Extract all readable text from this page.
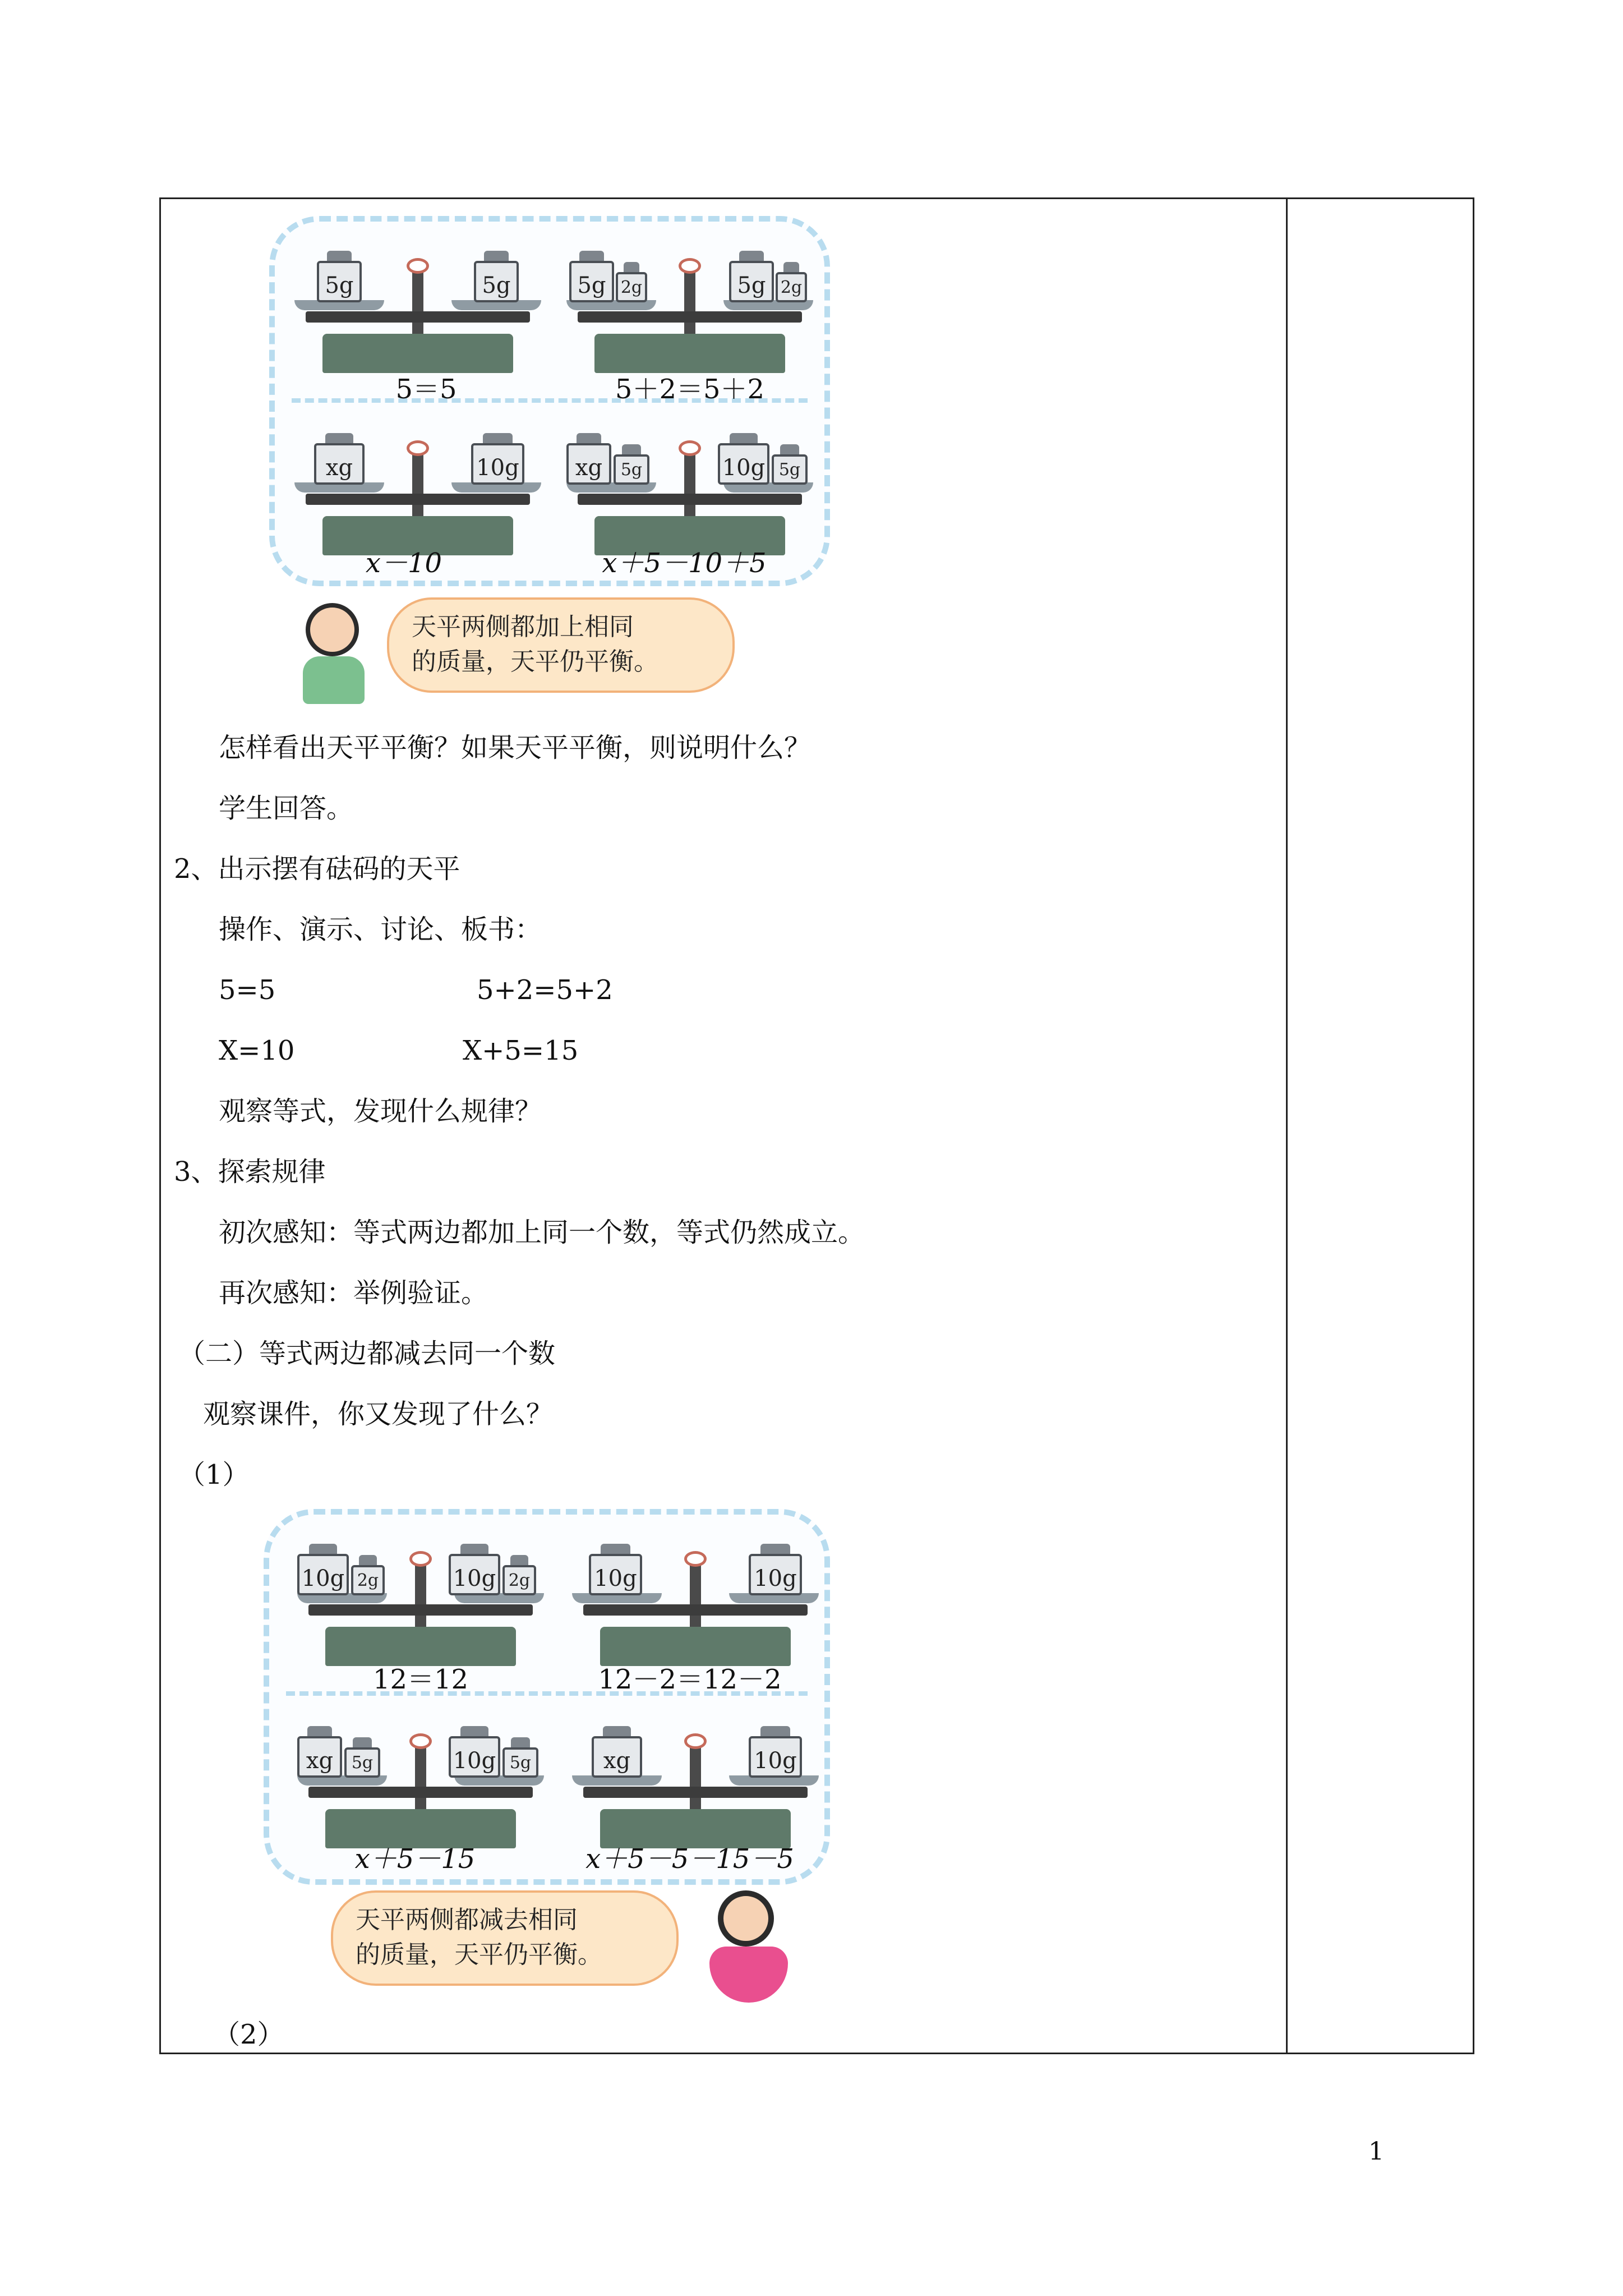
5g	5g
5＝5
5g 2g	5g 2g
5＋2＝5＋2
xg	10g
x－10
xg	5g	10g 5g
x＋5－10＋5
天平两侧都加上相同
的质量，天平仍平衡。
怎样看出天平平衡？如果天平平衡，则说明什么？
学生回答。
2、出示摆有砝码的天平
操作、演示、讨论、板书：
5=5	5+2=5+2
X=10	X+5=15
观察等式，发现什么规律？
3、探索规律
初次感知：等式两边都加上同一个数，等式仍然成立。
再次感知：举例验证。
（二）等式两边都减去同一个数
观察课件，你又发现了什么？
（1）
10g 2g	10g 2g
12＝12
10g	10g
12－2＝12－2
xg	5g	10g 5g
x＋5－15
xg	10g
x＋5－5－15－5
天平两侧都减去相同
的质量，天平仍平衡。
（2）
1
